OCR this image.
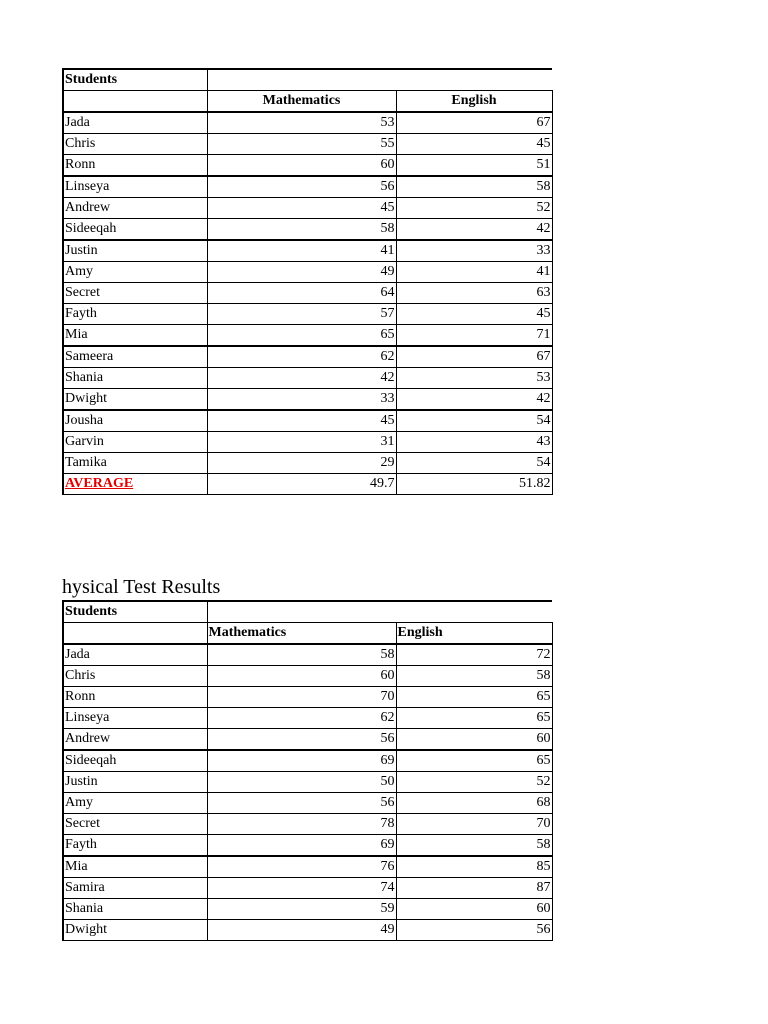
Students		
	Mathematics	English
Jada	53	67
Chris	55	45
Ronn	60	51
Linseya	56	58
Andrew	45	52
Sideeqah	58	42
Justin	41	33
Amy	49	41
Secret	64	63
Fayth	57	45
Mia	65	71
Sameera	62	67
Shania	42	53
Dwight	33	42
Jousha	45	54
Garvin	31	43
Tamika	29	54
AVERAGE	49.7	51.82
hysical Test Results
Students		
	Mathematics	English
Jada	58	72
Chris	60	58
Ronn	70	65
Linseya	62	65
Andrew	56	60
Sideeqah	69	65
Justin	50	52
Amy	56	68
Secret	78	70
Fayth	69	58
Mia	76	85
Samira	74	87
Shania	59	60
Dwight	49	56
